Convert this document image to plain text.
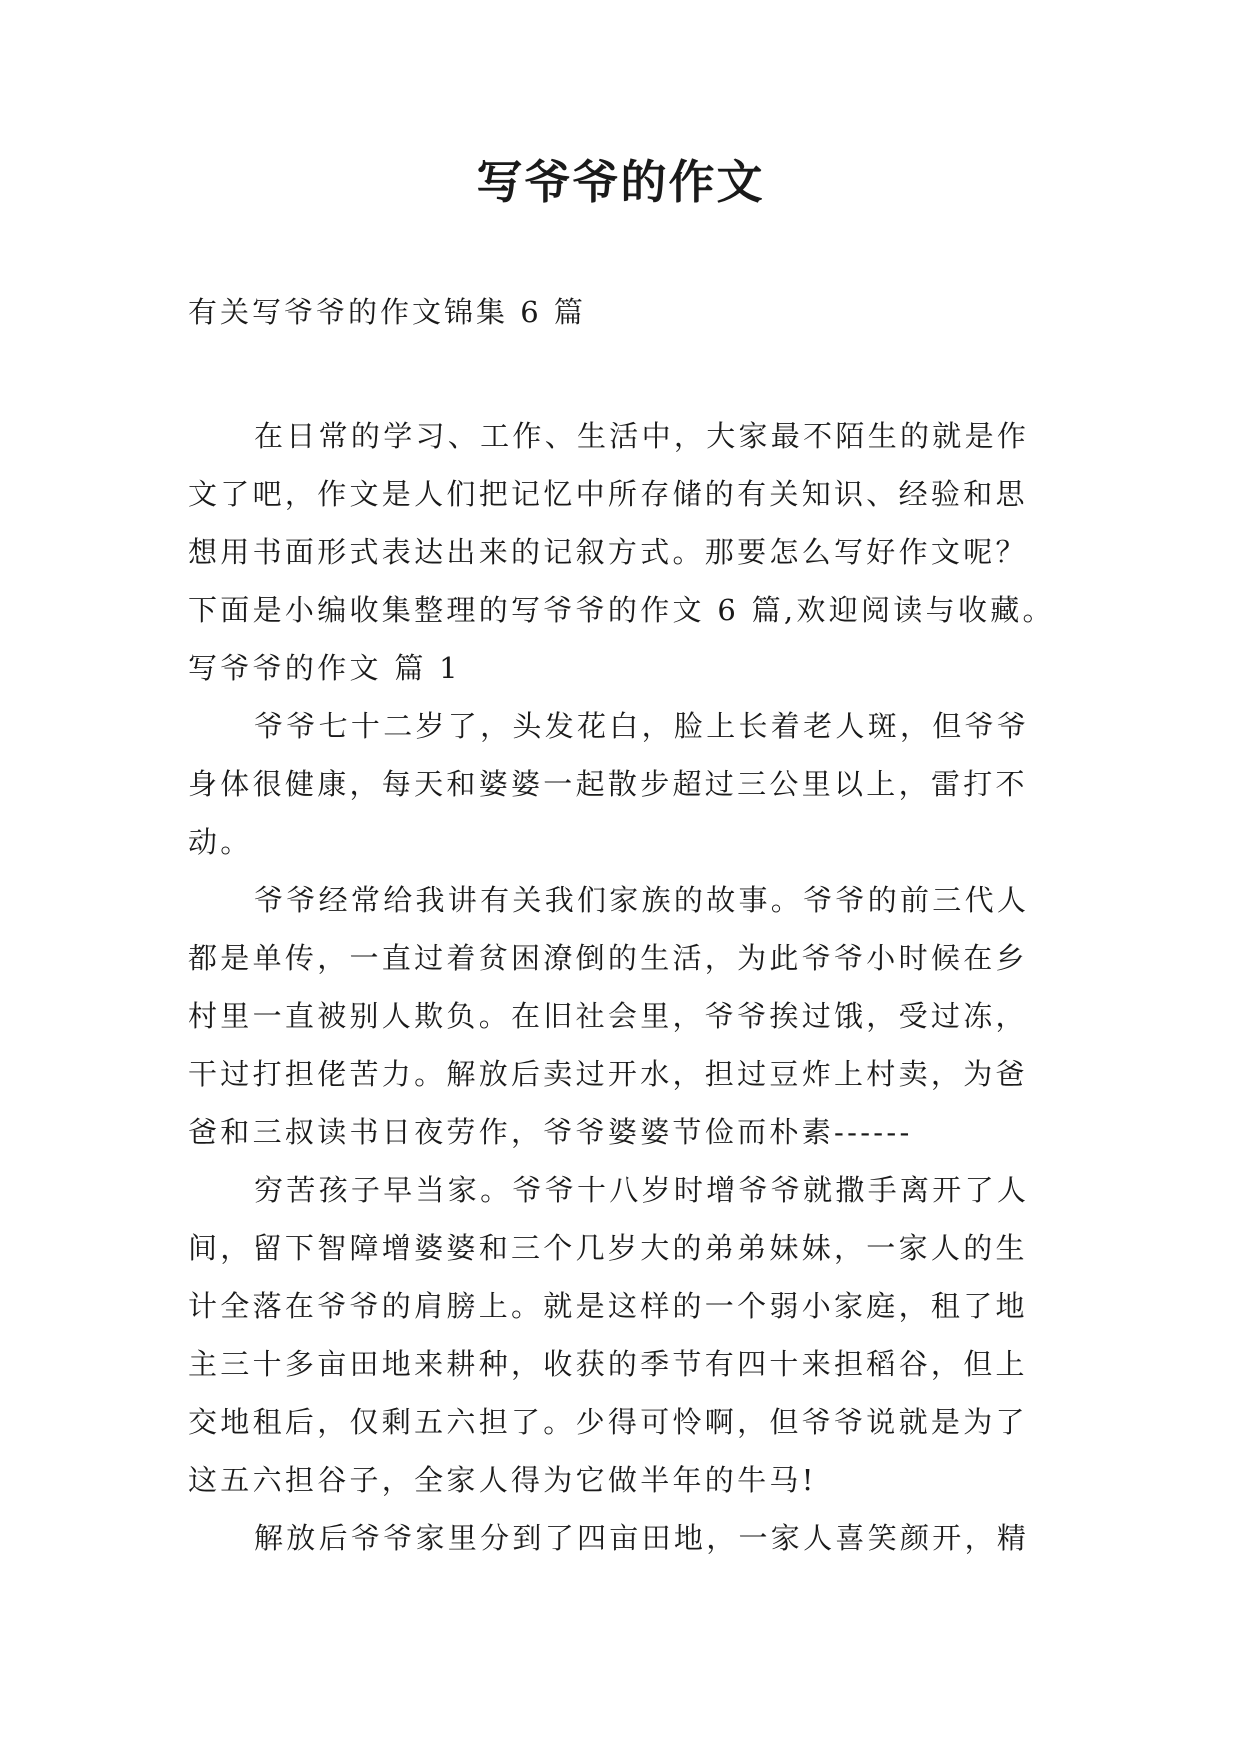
写爷爷的作文
有关写爷爷的作文锦集 6 篇
在日常的学习、工作、生活中，大家最不陌生的就是作
文了吧，作文是人们把记忆中所存储的有关知识、经验和思
想用书面形式表达出来的记叙方式。那要怎么写好作文呢？
下面是小编收集整理的写爷爷的作文 6 篇,欢迎阅读与收藏。
写爷爷的作文 篇 1
爷爷七十二岁了，头发花白，脸上长着老人斑，但爷爷
身体很健康，每天和婆婆一起散步超过三公里以上，雷打不
动。
爷爷经常给我讲有关我们家族的故事。爷爷的前三代人
都是单传，一直过着贫困潦倒的生活，为此爷爷小时候在乡
村里一直被别人欺负。在旧社会里，爷爷挨过饿，受过冻，
干过打担佬苦力。解放后卖过开水，担过豆炸上村卖，为爸
爸和三叔读书日夜劳作，爷爷婆婆节俭而朴素------
穷苦孩子早当家。爷爷十八岁时增爷爷就撒手离开了人
间，留下智障增婆婆和三个几岁大的弟弟妹妹，一家人的生
计全落在爷爷的肩膀上。就是这样的一个弱小家庭，租了地
主三十多亩田地来耕种，收获的季节有四十来担稻谷，但上
交地租后，仅剩五六担了。少得可怜啊，但爷爷说就是为了
这五六担谷子，全家人得为它做半年的牛马!
解放后爷爷家里分到了四亩田地，一家人喜笑颜开，精
